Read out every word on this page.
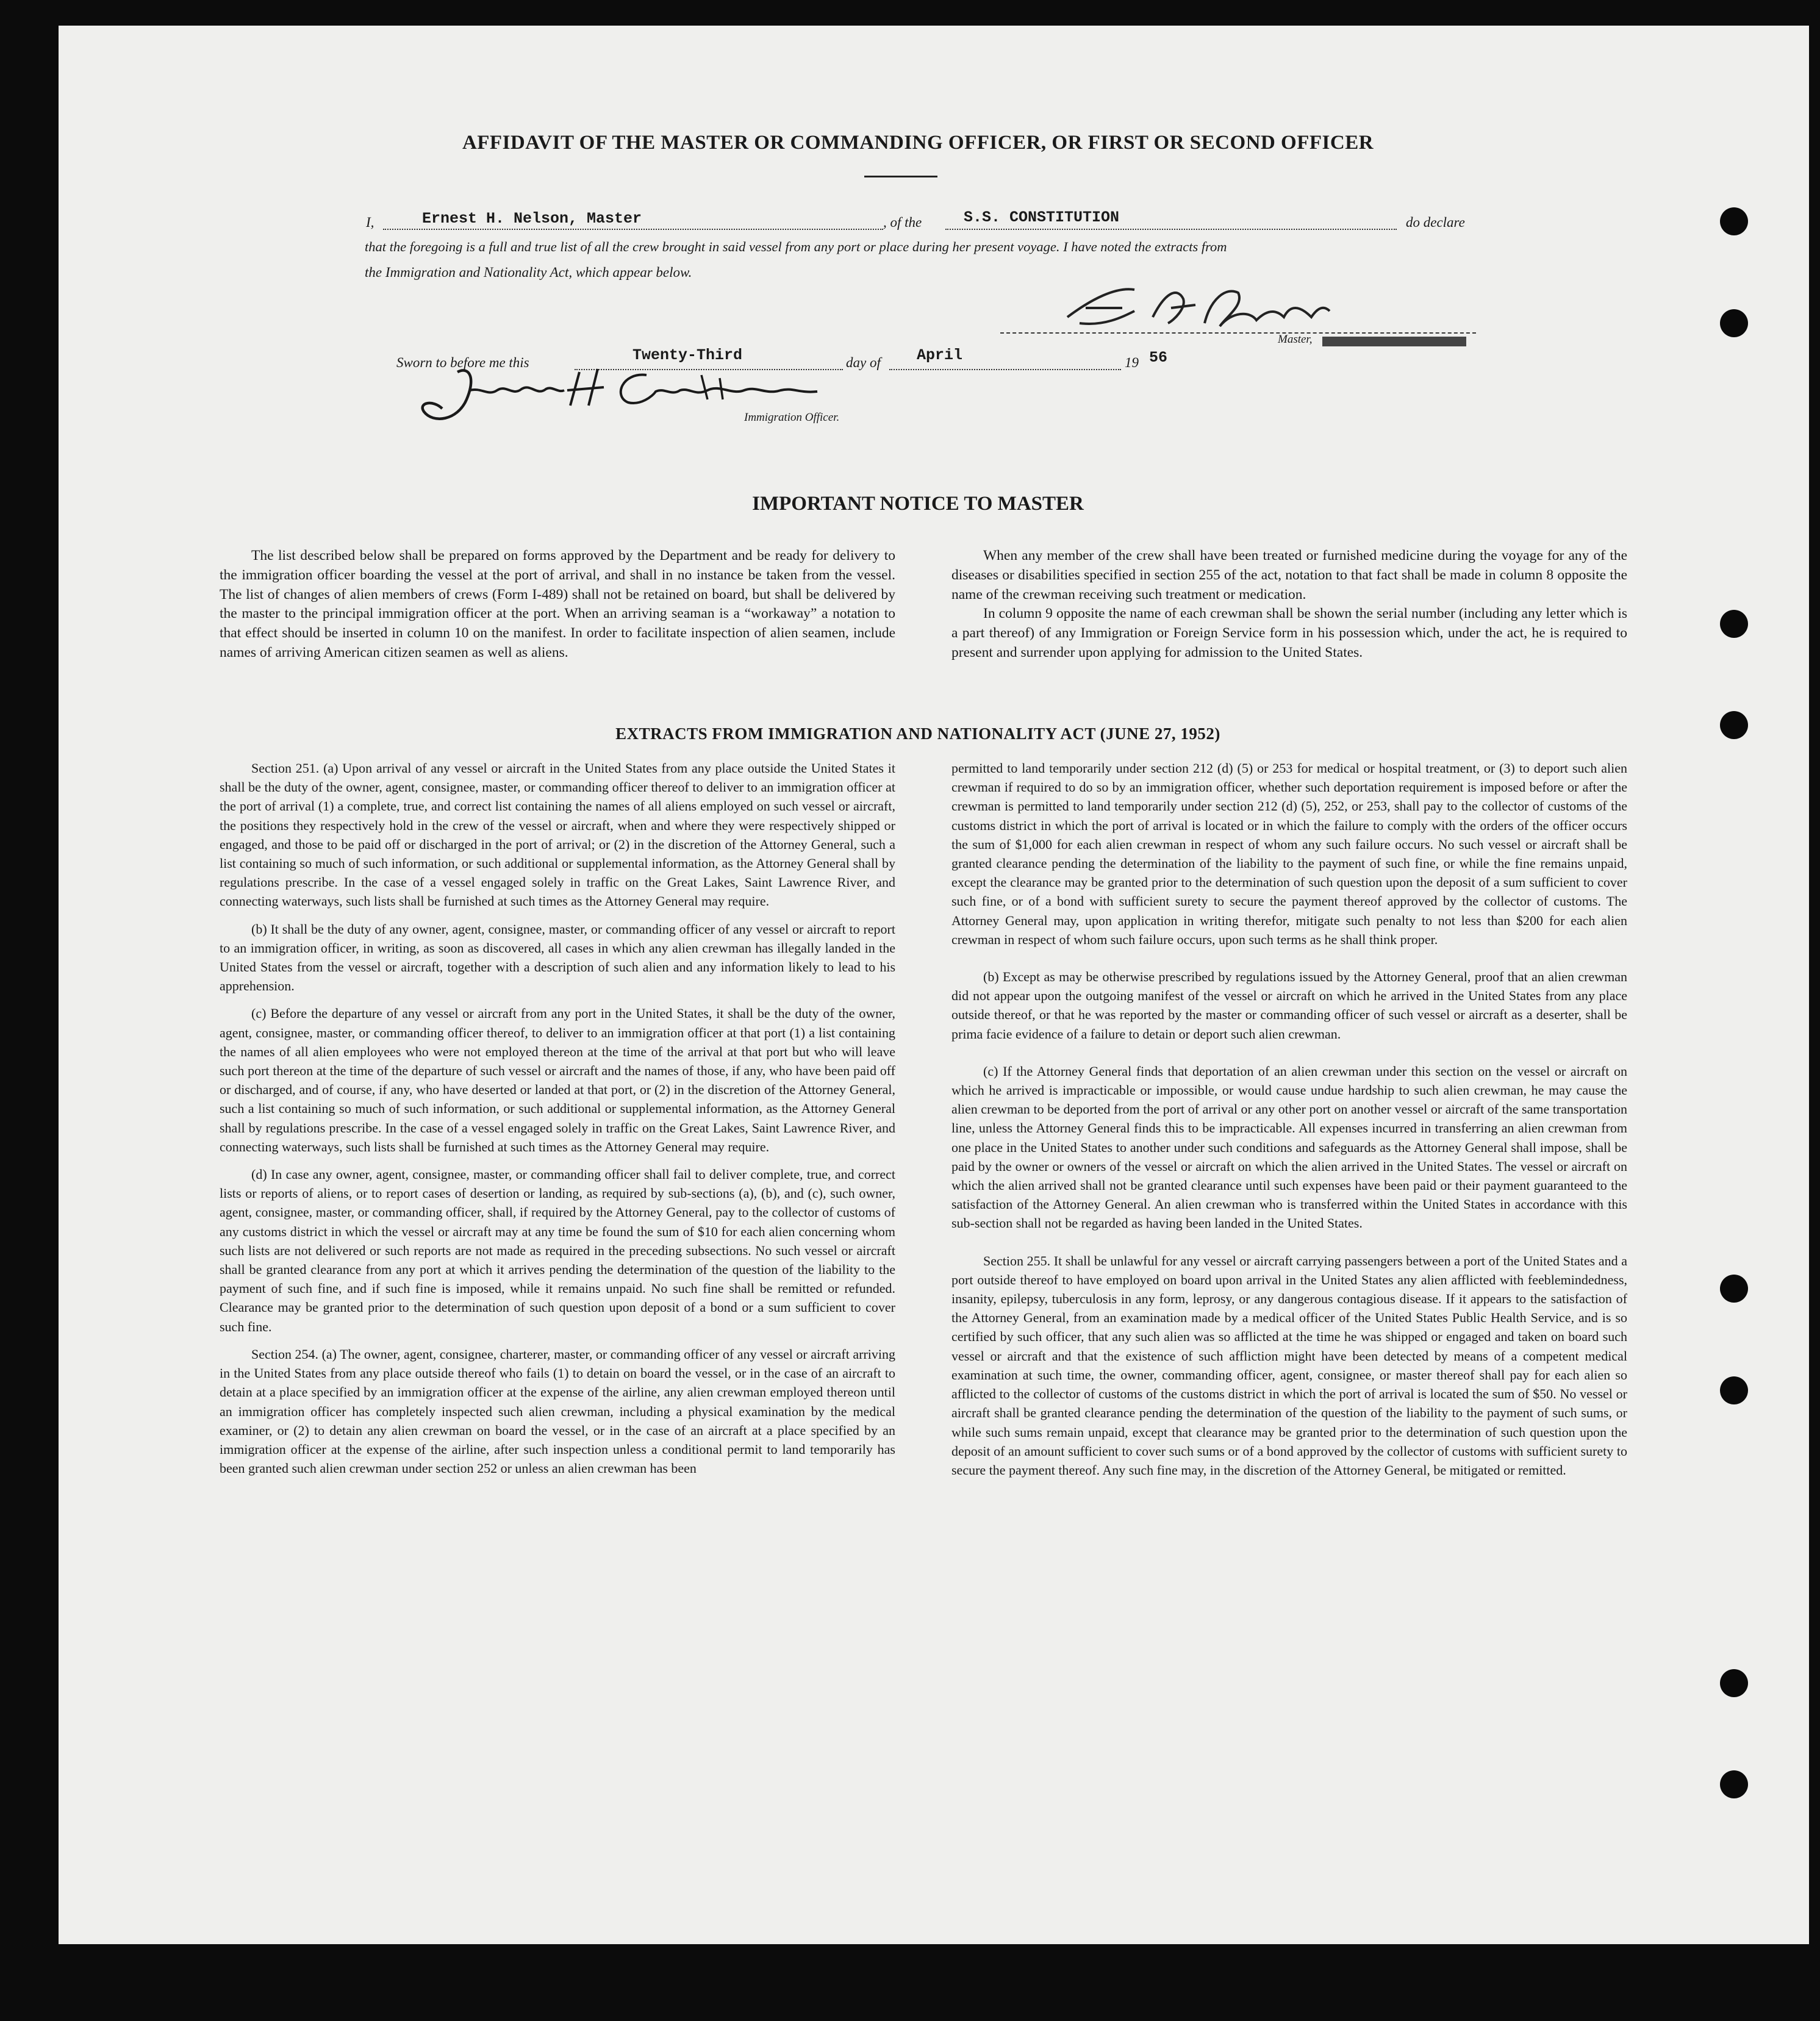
AFFIDAVIT OF THE MASTER OR COMMANDING OFFICER, OR FIRST OR SECOND OFFICER
I,	Ernest H. Nelson, Master	, of the	S.S. CONSTITUTION	do declare
that the foregoing is a full and true list of all the crew brought in said vessel from any port or place during her present voyage. I have noted the extracts from
the Immigration and Nationality Act, which appear below.
Master,
Sworn to before me this	Twenty-Third	day of April	19 56
Immigration Officer.
IMPORTANT NOTICE TO MASTER

The list described below shall be prepared on forms approved by the Department and be ready for delivery to the immigration officer boarding the vessel at the port of arrival, and shall in no instance be taken from the vessel. The list of changes of alien members of crews (Form I-489) shall not be retained on board, but shall be delivered by the master to the principal immigration officer at the port. When an arriving seaman is a “workaway” a notation to that effect should be inserted in column 10 on the manifest. In order to facilitate inspection of alien seamen, include names of arriving American citizen seamen as well as aliens.

When any member of the crew shall have been treated or furnished medicine during the voyage for any of the diseases or disabilities specified in section 255 of the act, notation to that fact shall be made in column 8 opposite the name of the crewman receiving such treatment or medication.

In column 9 opposite the name of each crewman shall be shown the serial number (including any letter which is a part thereof) of any Immigration or Foreign Service form in his possession which, under the act, he is required to present and surrender upon applying for admission to the United States.

EXTRACTS FROM IMMIGRATION AND NATIONALITY ACT (JUNE 27, 1952)

Section 251. (a) Upon arrival of any vessel or aircraft in the United States from any place outside the United States it shall be the duty of the owner, agent, consignee, master, or commanding officer thereof to deliver to an immigration officer at the port of arrival (1) a complete, true, and correct list containing the names of all aliens employed on such vessel or aircraft, the positions they respectively hold in the crew of the vessel or aircraft, when and where they were respectively shipped or engaged, and those to be paid off or discharged in the port of arrival; or (2) in the discretion of the Attorney General, such a list containing so much of such information, or such additional or supplemental information, as the Attorney General shall by regulations prescribe. In the case of a vessel engaged solely in traffic on the Great Lakes, Saint Lawrence River, and connecting waterways, such lists shall be furnished at such times as the Attorney General may require.

(b) It shall be the duty of any owner, agent, consignee, master, or commanding officer of any vessel or aircraft to report to an immigration officer, in writing, as soon as discovered, all cases in which any alien crewman has illegally landed in the United States from the vessel or aircraft, together with a description of such alien and any information likely to lead to his apprehension.

(c) Before the departure of any vessel or aircraft from any port in the United States, it shall be the duty of the owner, agent, consignee, master, or commanding officer thereof, to deliver to an immigration officer at that port (1) a list containing the names of all alien employees who were not employed thereon at the time of the arrival at that port but who will leave such port thereon at the time of the departure of such vessel or aircraft and the names of those, if any, who have been paid off or discharged, and of course, if any, who have deserted or landed at that port, or (2) in the discretion of the Attorney General, such a list containing so much of such information, or such additional or supplemental information, as the Attorney General shall by regulations prescribe. In the case of a vessel engaged solely in traffic on the Great Lakes, Saint Lawrence River, and connecting waterways, such lists shall be furnished at such times as the Attorney General may require.

(d) In case any owner, agent, consignee, master, or commanding officer shall fail to deliver complete, true, and correct lists or reports of aliens, or to report cases of desertion or landing, as required by sub-sections (a), (b), and (c), such owner, agent, consignee, master, or commanding officer, shall, if required by the Attorney General, pay to the collector of customs of any customs district in which the vessel or aircraft may at any time be found the sum of $10 for each alien concerning whom such lists are not delivered or such reports are not made as required in the preceding subsections. No such vessel or aircraft shall be granted clearance from any port at which it arrives pending the determination of the question of the liability to the payment of such fine, and if such fine is imposed, while it remains unpaid. No such fine shall be remitted or refunded. Clearance may be granted prior to the determination of such question upon deposit of a bond or a sum sufficient to cover such fine.

Section 254. (a) The owner, agent, consignee, charterer, master, or commanding officer of any vessel or aircraft arriving in the United States from any place outside thereof who fails (1) to detain on board the vessel, or in the case of an aircraft to detain at a place specified by an immigration officer at the expense of the airline, any alien crewman employed thereon until an immigration officer has completely inspected such alien crewman, including a physical examination by the medical examiner, or (2) to detain any alien crewman on board the vessel, or in the case of an aircraft at a place specified by an immigration officer at the expense of the airline, after such inspection unless a conditional permit to land temporarily has been granted such alien crewman under section 252 or unless an alien crewman has been

permitted to land temporarily under section 212 (d) (5) or 253 for medical or hospital treatment, or (3) to deport such alien crewman if required to do so by an immigration officer, whether such deportation requirement is imposed before or after the crewman is permitted to land temporarily under section 212 (d) (5), 252, or 253, shall pay to the collector of customs of the customs district in which the port of arrival is located or in which the failure to comply with the orders of the officer occurs the sum of $1,000 for each alien crewman in respect of whom any such failure occurs. No such vessel or aircraft shall be granted clearance pending the determination of the liability to the payment of such fine, or while the fine remains unpaid, except the clearance may be granted prior to the determination of such question upon the deposit of a sum sufficient to cover such fine, or of a bond with sufficient surety to secure the payment thereof approved by the collector of customs. The Attorney General may, upon application in writing therefor, mitigate such penalty to not less than $200 for each alien crewman in respect of whom such failure occurs, upon such terms as he shall think proper.

(b) Except as may be otherwise prescribed by regulations issued by the Attorney General, proof that an alien crewman did not appear upon the outgoing manifest of the vessel or aircraft on which he arrived in the United States from any place outside thereof, or that he was reported by the master or commanding officer of such vessel or aircraft as a deserter, shall be prima facie evidence of a failure to detain or deport such alien crewman.

(c) If the Attorney General finds that deportation of an alien crewman under this section on the vessel or aircraft on which he arrived is impracticable or impossible, or would cause undue hardship to such alien crewman, he may cause the alien crewman to be deported from the port of arrival or any other port on another vessel or aircraft of the same transportation line, unless the Attorney General finds this to be impracticable. All expenses incurred in transferring an alien crewman from one place in the United States to another under such conditions and safeguards as the Attorney General shall impose, shall be paid by the owner or owners of the vessel or aircraft on which the alien arrived in the United States. The vessel or aircraft on which the alien arrived shall not be granted clearance until such expenses have been paid or their payment guaranteed to the satisfaction of the Attorney General. An alien crewman who is transferred within the United States in accordance with this sub-section shall not be regarded as having been landed in the United States.

Section 255. It shall be unlawful for any vessel or aircraft carrying passengers between a port of the United States and a port outside thereof to have employed on board upon arrival in the United States any alien afflicted with feeblemindedness, insanity, epilepsy, tuberculosis in any form, leprosy, or any dangerous contagious disease. If it appears to the satisfaction of the Attorney General, from an examination made by a medical officer of the United States Public Health Service, and is so certified by such officer, that any such alien was so afflicted at the time he was shipped or engaged and taken on board such vessel or aircraft and that the existence of such affliction might have been detected by means of a competent medical examination at such time, the owner, commanding officer, agent, consignee, or master thereof shall pay for each alien so afflicted to the collector of customs of the customs district in which the port of arrival is located the sum of $50. No vessel or aircraft shall be granted clearance pending the determination of the question of the liability to the payment of such sums, or while such sums remain unpaid, except that clearance may be granted prior to the determination of such question upon the deposit of an amount sufficient to cover such sums or of a bond approved by the collector of customs with sufficient surety to secure the payment thereof. Any such fine may, in the discretion of the Attorney General, be mitigated or remitted.
